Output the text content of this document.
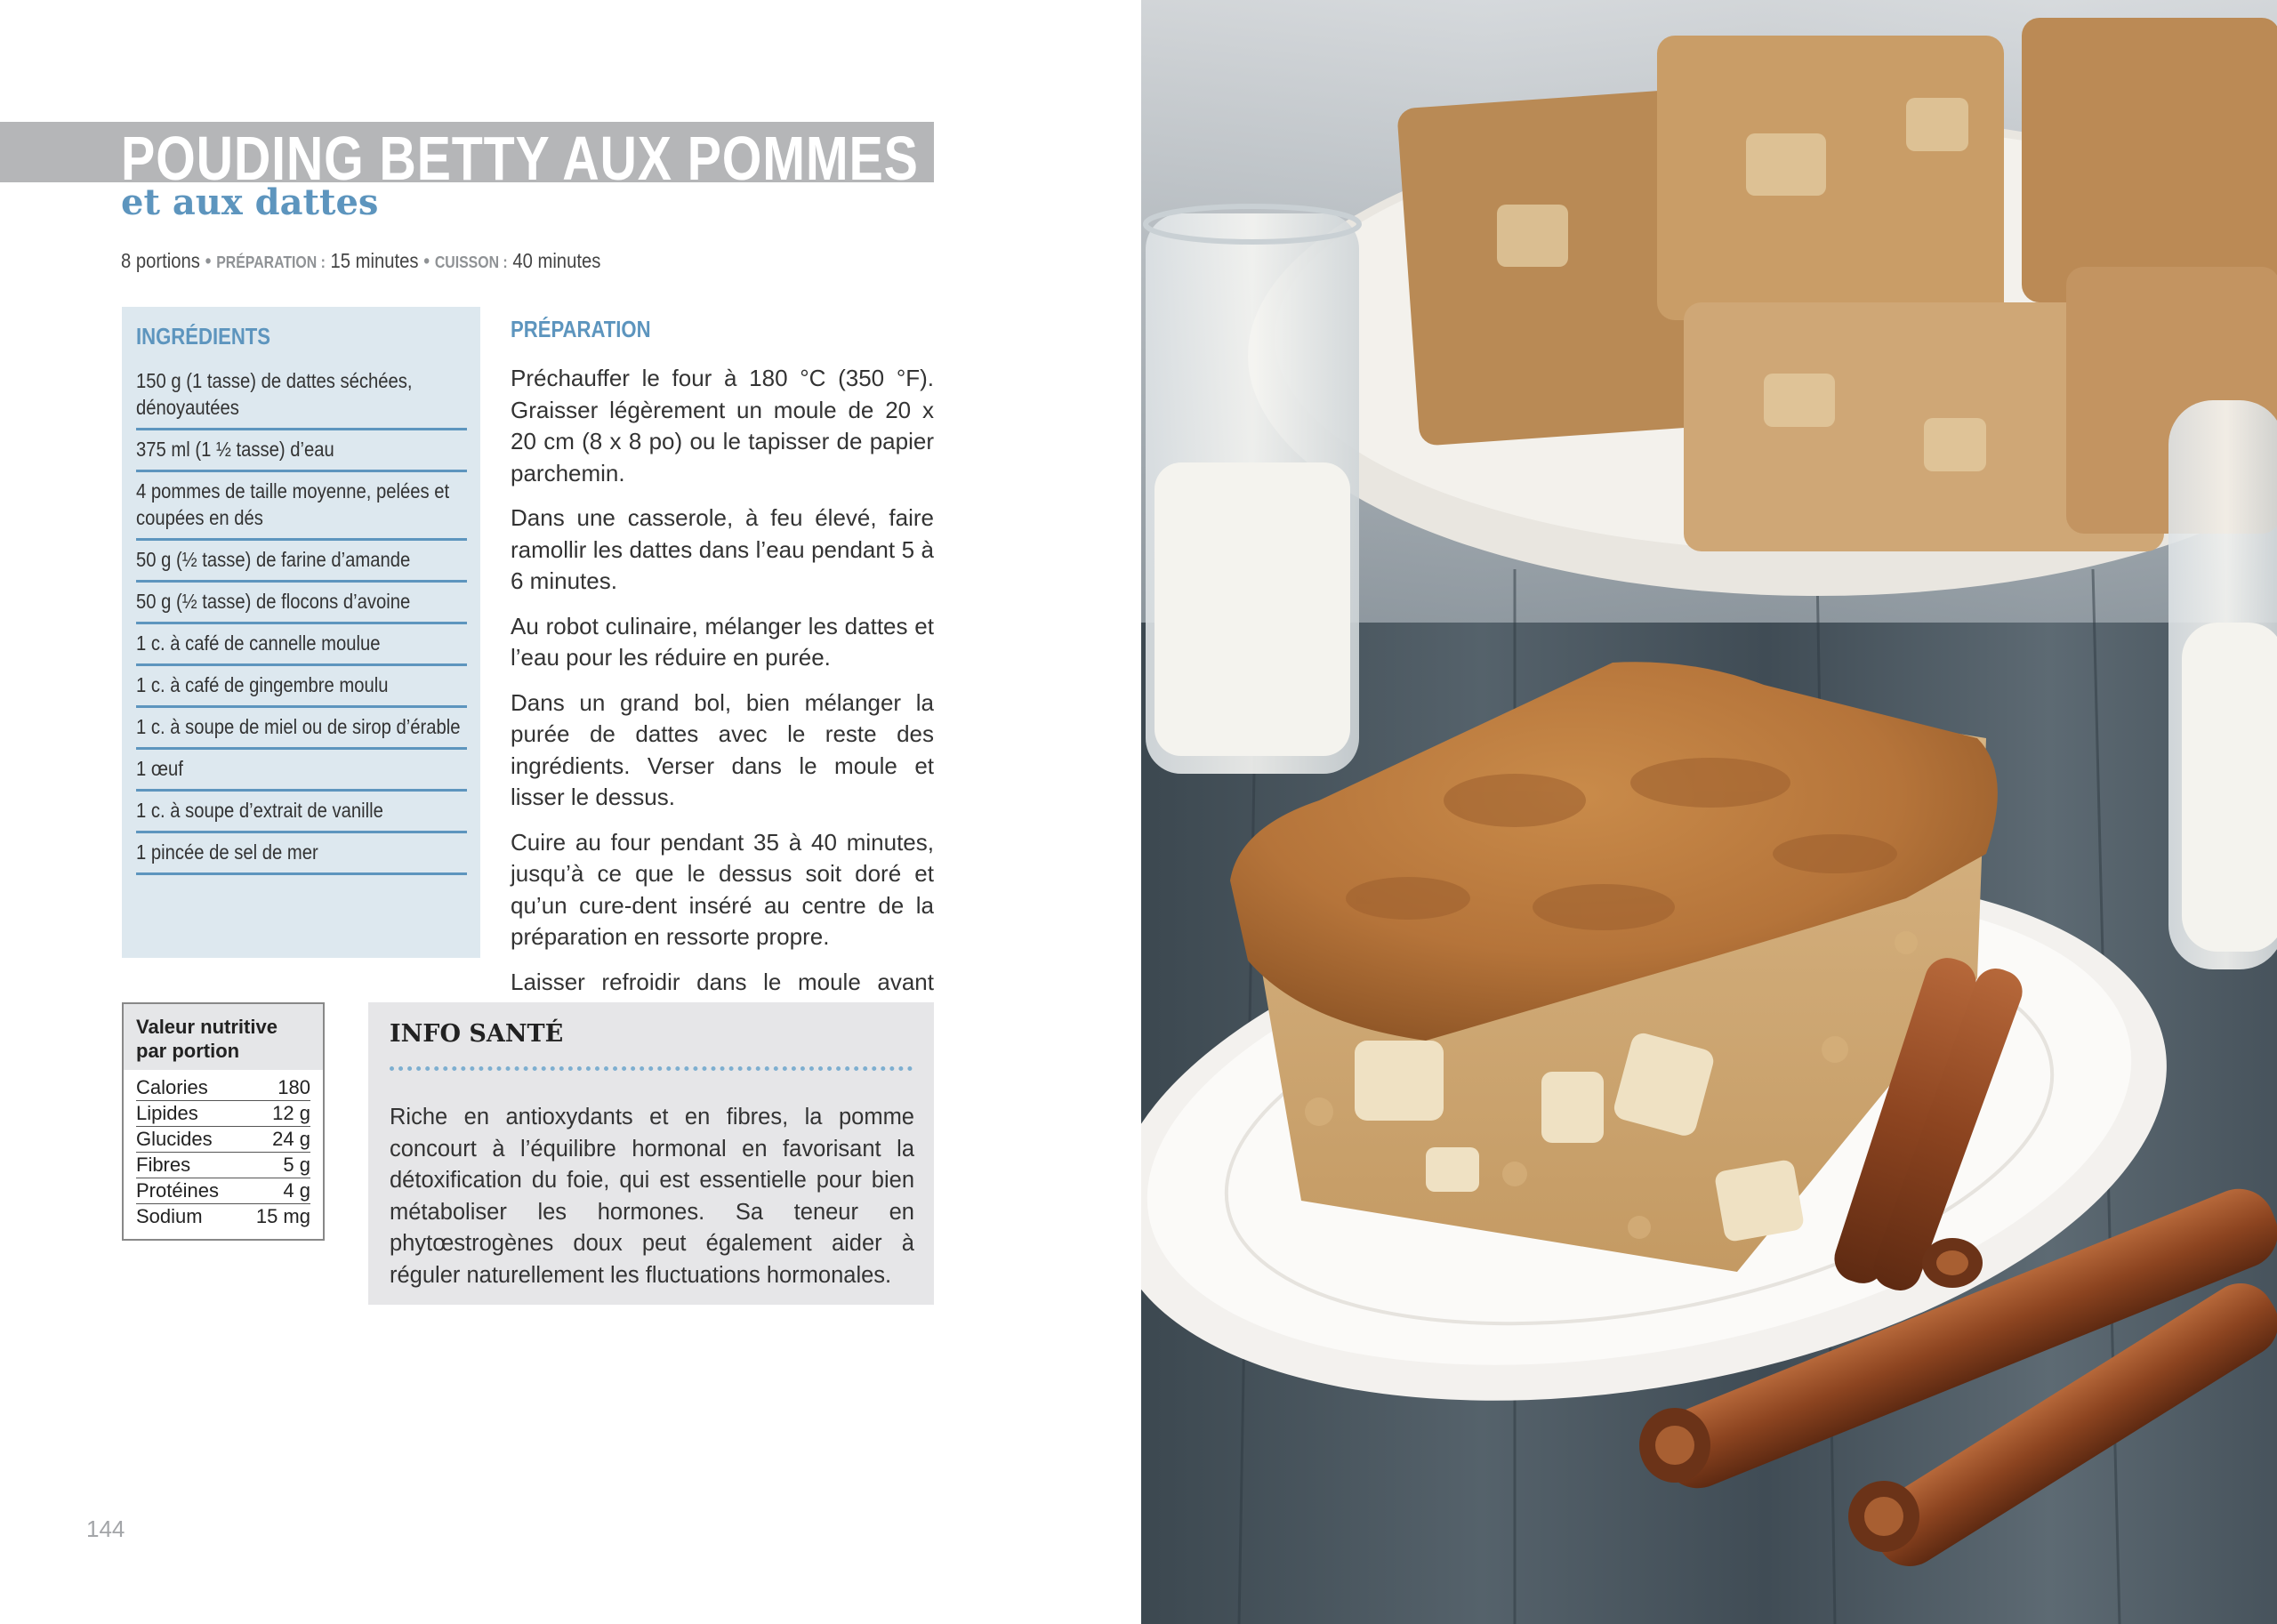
POUDING BETTY AUX POMMES
et aux dattes
8 portions • PRÉPARATION : 15 minutes • CUISSON : 40 minutes
INGRÉDIENTS
150 g (1 tasse) de dattes séchées, dénoyautées
375 ml (1 ½ tasse) d’eau
4 pommes de taille moyenne, pelées et coupées en dés
50 g (½ tasse) de farine d’amande
50 g (½ tasse) de flocons d’avoine
1 c. à café de cannelle moulue
1 c. à café de gingembre moulu
1 c. à soupe de miel ou de sirop d’érable
1 œuf
1 c. à soupe d’extrait de vanille
1 pincée de sel de mer
PRÉPARATION

Préchauffer le four à 180 °C (350 °F). Graisser légèrement un moule de 20 x 20 cm (8 x 8 po) ou le tapisser de papier parchemin.

Dans une casserole, à feu élevé, faire ramollir les dattes dans l’eau pendant 5 à 6 minutes.

Au robot culinaire, mélanger les dattes et l’eau pour les réduire en purée.

Dans un grand bol, bien mélanger la purée de dattes avec le reste des ingrédients. Verser dans le moule et lisser le dessus.

Cuire au four pendant 35 à 40 minutes, jusqu’à ce que le dessus soit doré et qu’un cure-dent inséré au centre de la préparation en ressorte propre.

Laisser refroidir dans le moule avant

Valeur nutritive par portion
Calories	180
Lipides	12 g
Glucides	24 g
Fibres	5 g
Protéines	4 g
Sodium	15 mg
INFO SANTÉ

Riche en antioxydants et en fibres, la pomme concourt à l’équilibre hormonal en favorisant la détoxification du foie, qui est essentielle pour bien métaboliser les hormones. Sa teneur en phytœstrogènes doux peut également aider à réguler naturellement les fluctuations hormonales.

144
